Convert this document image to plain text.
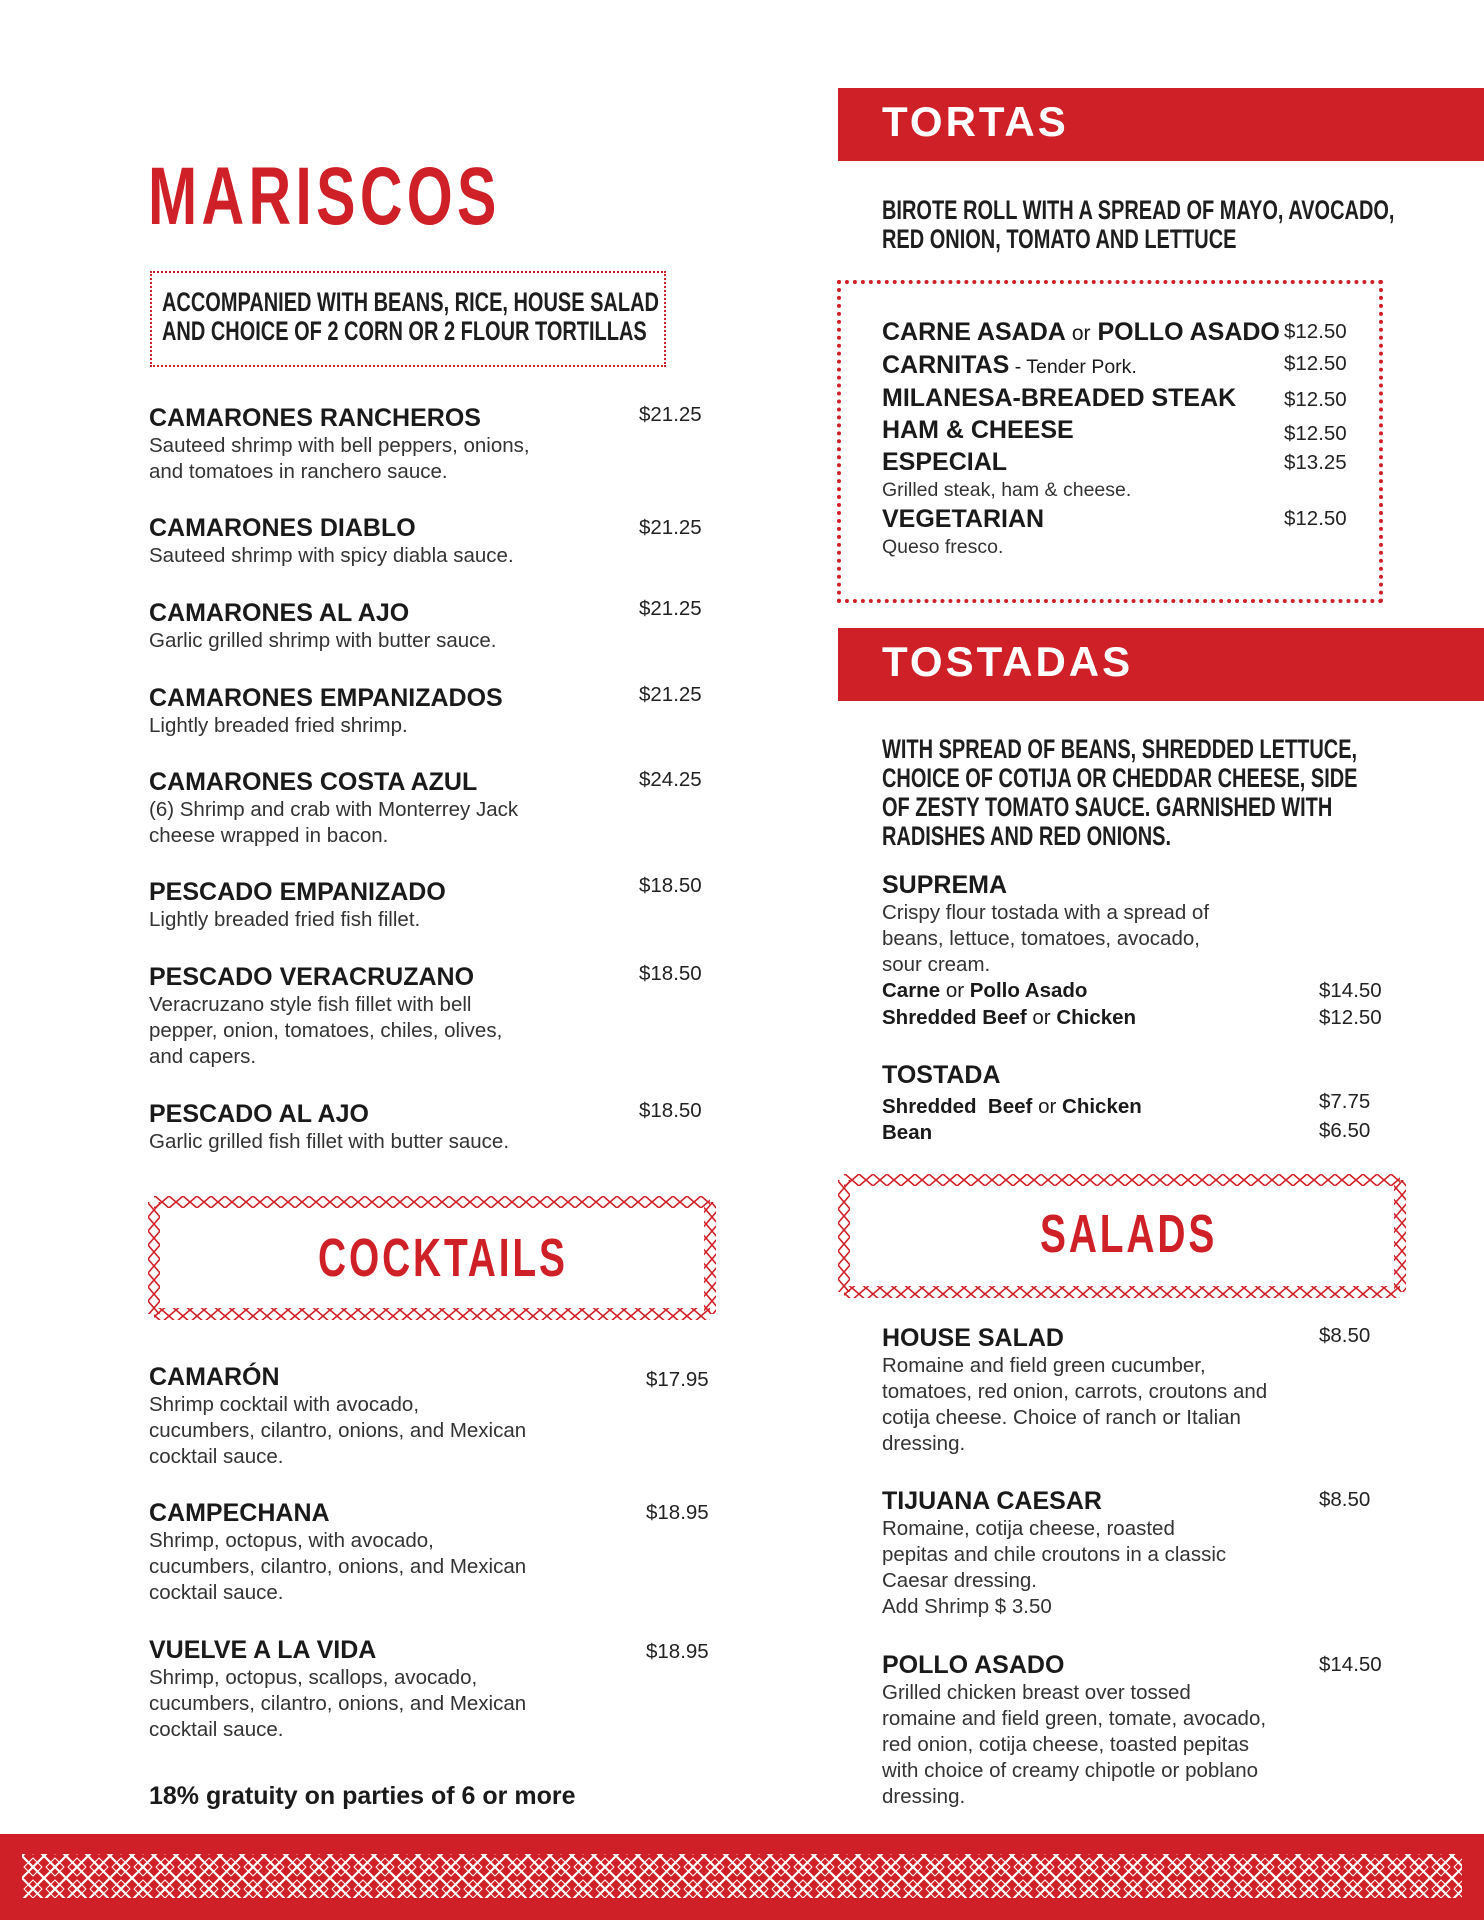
MARISCOS
ACCOMPANIED WITH BEANS, RICE, HOUSE SALAD
AND CHOICE OF 2 CORN OR 2 FLOUR TORTILLAS
CAMARONES RANCHEROS
Sauteed shrimp with bell peppers, onions,
and tomatoes in ranchero sauce.
$21.25
CAMARONES DIABLO
Sauteed shrimp with spicy diabla sauce.
$21.25
CAMARONES AL AJO
Garlic grilled shrimp with butter sauce.
$21.25
CAMARONES EMPANIZADOS
Lightly breaded fried shrimp.
$21.25
CAMARONES COSTA AZUL
(6) Shrimp and crab with Monterrey Jack
cheese wrapped in bacon.
$24.25
PESCADO EMPANIZADO
Lightly breaded fried fish fillet.
$18.50
PESCADO VERACRUZANO
Veracruzano style fish fillet with bell
pepper, onion, tomatoes, chiles, olives,
and capers.
$18.50
PESCADO AL AJO
Garlic grilled fish fillet with butter sauce.
$18.50
COCKTAILS
CAMARÓN
Shrimp cocktail with avocado,
cucumbers, cilantro, onions, and Mexican
cocktail sauce.
$17.95
CAMPECHANA
Shrimp, octopus, with avocado,
cucumbers, cilantro, onions, and Mexican
cocktail sauce.
$18.95
VUELVE A LA VIDA
Shrimp, octopus, scallops, avocado,
cucumbers, cilantro, onions, and Mexican
cocktail sauce.
$18.95
18% gratuity on parties of 6 or more
TORTAS
BIROTE ROLL WITH A SPREAD OF MAYO, AVOCADO,
RED ONION, TOMATO AND LETTUCE
CARNE ASADA or POLLO ASADO $12.50
CARNITAS - Tender Pork.	$12.50
MILANESA-BREADED STEAK $12.50
HAM & CHEESE	$12.50
ESPECIAL
Grilled steak, ham & cheese.
$13.25
VEGETARIAN
Queso fresco.
$12.50
TOSTADAS
WITH SPREAD OF BEANS, SHREDDED LETTUCE,
CHOICE OF COTIJA OR CHEDDAR CHEESE, SIDE
OF ZESTY TOMATO SAUCE. GARNISHED WITH
RADISHES AND RED ONIONS.
SUPREMA
Crispy flour tostada with a spread of
beans, lettuce, tomatoes, avocado,
sour cream.
Carne or Pollo Asado	$14.50
Shredded Beef or Chicken	$12.50
TOSTADA
Shredded  Beef or Chicken	$7.75
Bean	$6.50
SALADS
HOUSE SALAD
Romaine and field green cucumber,
tomatoes, red onion, carrots, croutons and
cotija cheese. Choice of ranch or Italian
dressing.
$8.50
TIJUANA CAESAR
Romaine, cotija cheese, roasted
pepitas and chile croutons in a classic
Caesar dressing.
Add Shrimp $ 3.50
$8.50
POLLO ASADO
Grilled chicken breast over tossed
romaine and field green, tomate, avocado,
red onion, cotija cheese, toasted pepitas
with choice of creamy chipotle or poblano
dressing.
$14.50
